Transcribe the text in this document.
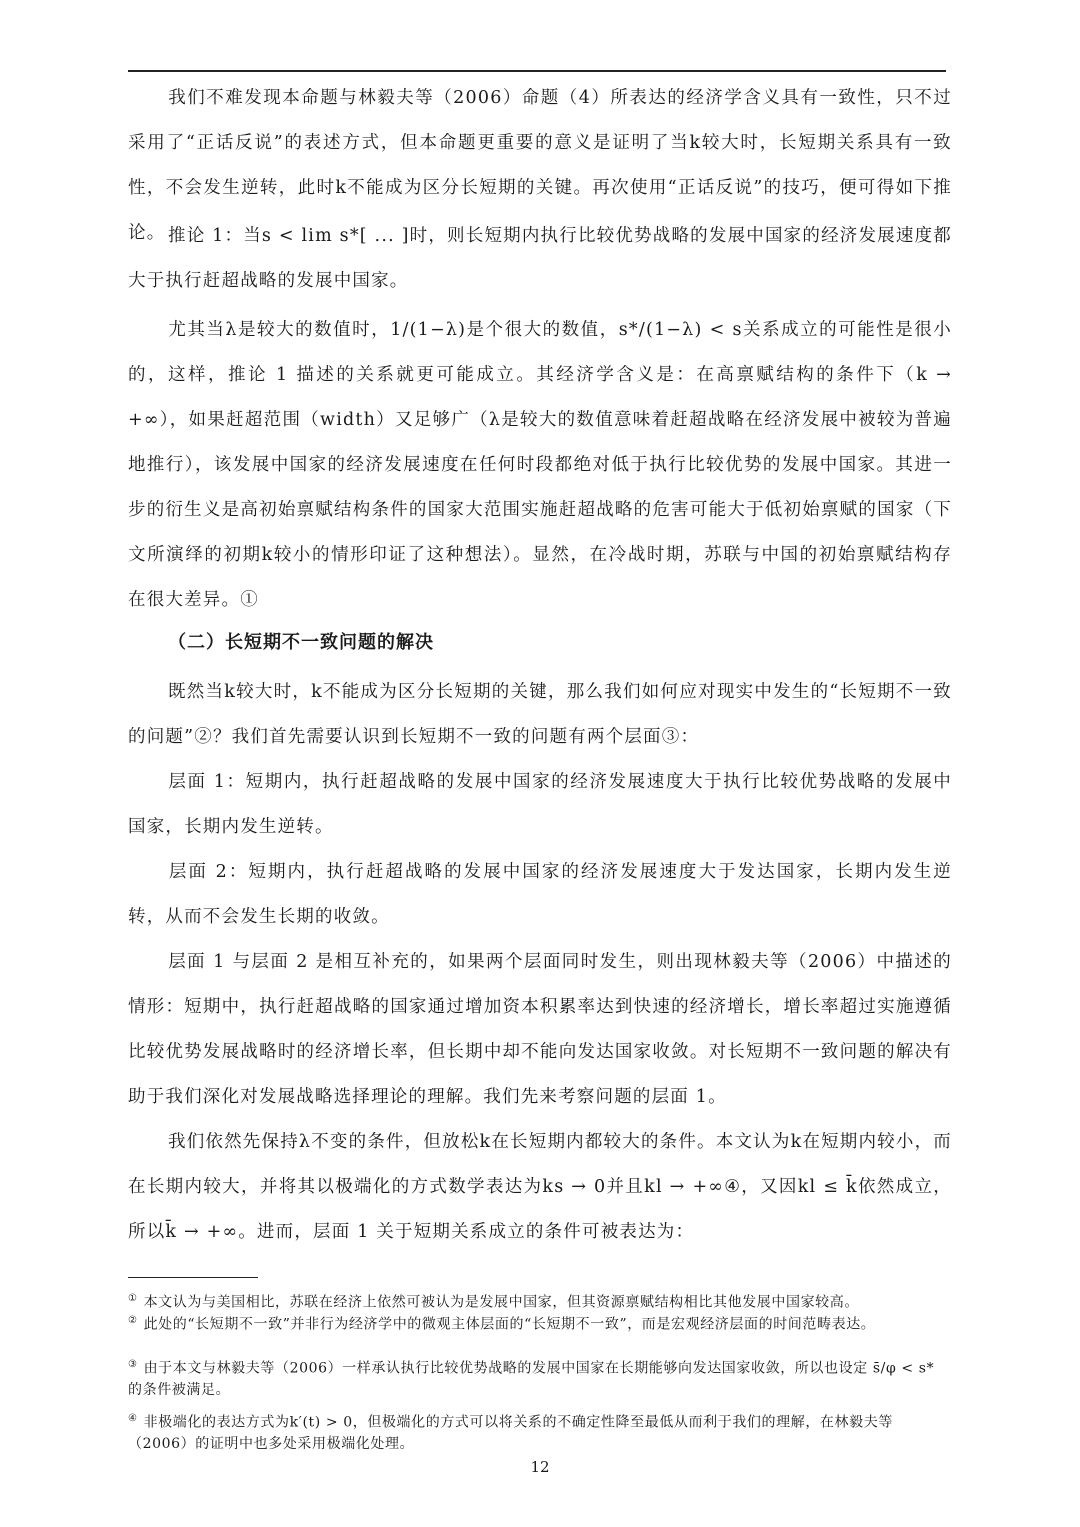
我们不难发现本命题与林毅夫等（2006）命题（4）所表达的经济学含义具有一致性，只不过采用了“正话反说”的表述方式，但本命题更重要的意义是证明了当k较大时，长短期关系具有一致性，不会发生逆转，此时k不能成为区分长短期的关键。再次使用“正话反说”的技巧，便可得如下推论。 推论 1：当s < lim s*[ ... ]时，则长短期内执行比较优势战略的发展中国家的经济发展速度都大于执行赶超战略的发展中国家。

尤其当λ是较大的数值时，1/(1−λ)是个很大的数值，s*/(1−λ) < s关系成立的可能性是很小的，这样，推论 1 描述的关系就更可能成立。其经济学含义是：在高禀赋结构的条件下（k → +∞），如果赶超范围（width）又足够广（λ是较大的数值意味着赶超战略在经济发展中被较为普遍地推行），该发展中国家的经济发展速度在任何时段都绝对低于执行比较优势的发展中国家。其进一步的衍生义是高初始禀赋结构条件的国家大范围实施赶超战略的危害可能大于低初始禀赋的国家（下文所演绎的初期k较小的情形印证了这种想法）。显然，在冷战时期，苏联与中国的初始禀赋结构存在很大差异。①

（二）长短期不一致问题的解决

既然当k较大时，k不能成为区分长短期的关键，那么我们如何应对现实中发生的“长短期不一致的问题”②？我们首先需要认识到长短期不一致的问题有两个层面③：

层面 1：短期内，执行赶超战略的发展中国家的经济发展速度大于执行比较优势战略的发展中国家，长期内发生逆转。

层面 2：短期内，执行赶超战略的发展中国家的经济发展速度大于发达国家，长期内发生逆转，从而不会发生长期的收敛。

层面 1 与层面 2 是相互补充的，如果两个层面同时发生，则出现林毅夫等（2006）中描述的情形：短期中，执行赶超战略的国家通过增加资本积累率达到快速的经济增长，增长率超过实施遵循比较优势发展战略时的经济增长率，但长期中却不能向发达国家收敛。对长短期不一致问题的解决有助于我们深化对发展战略选择理论的理解。我们先来考察问题的层面 1。

我们依然先保持λ不变的条件，但放松k在长短期内都较大的条件。本文认为k在短期内较小，而在长期内较大，并将其以极端化的方式数学表达为ks → 0并且kl → +∞④，又因kl ≤ k̄依然成立，所以k̄ → +∞。进而，层面 1 关于短期关系成立的条件可被表达为：

① 本文认为与美国相比，苏联在经济上依然可被认为是发展中国家，但其资源禀赋结构相比其他发展中国家较高。

② 此处的“长短期不一致”并非行为经济学中的微观主体层面的“长短期不一致”，而是宏观经济层面的时间范畴表达。

③ 由于本文与林毅夫等（2006）一样承认执行比较优势战略的发展中国家在长期能够向发达国家收敛，所以也设定 s̄/φ < s* 的条件被满足。

④ 非极端化的表达方式为k′(t) > 0，但极端化的方式可以将关系的不确定性降至最低从而利于我们的理解，在林毅夫等（2006）的证明中也多处采用极端化处理。

12
